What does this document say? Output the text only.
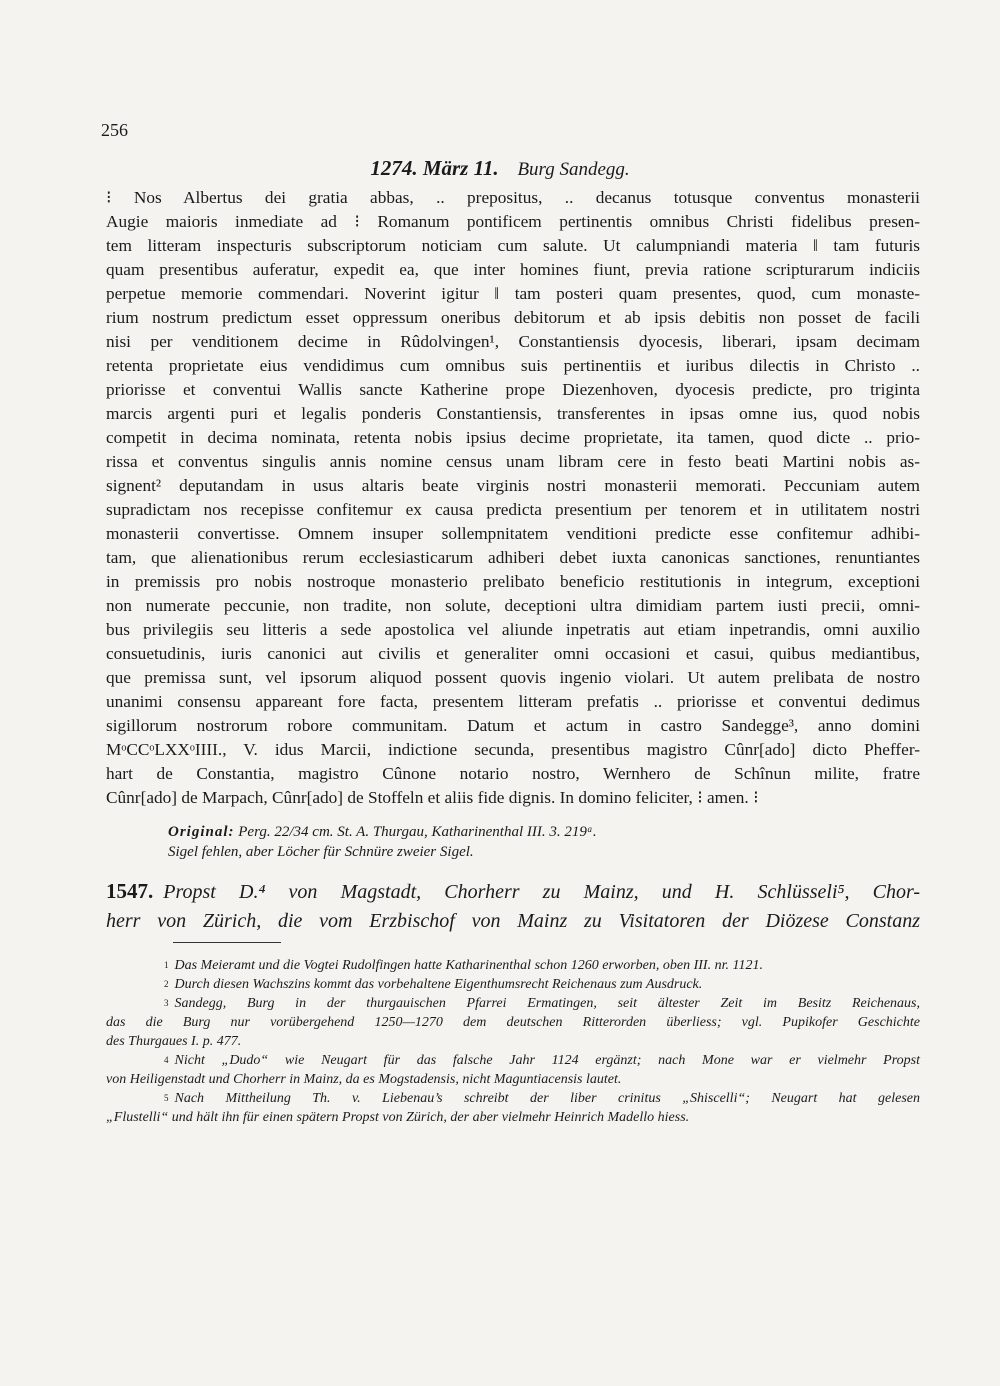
256
1274. März 11. Burg Sandegg.
⁝ Nos Albertus dei gratia abbas, .. prepositus, .. decanus totusque conventus monasterii
Augie maioris inmediate ad ⁝ Romanum pontificem pertinentis omnibus Christi fidelibus presen-
tem litteram inspecturis subscriptorum noticiam cum salute. Ut calumpniandi materia ‖ tam futuris
quam presentibus auferatur, expedit ea, que inter homines fiunt, previa ratione scripturarum indiciis
perpetue memorie commendari. Noverint igitur ‖ tam posteri quam presentes, quod, cum monaste-
rium nostrum predictum esset oppressum oneribus debitorum et ab ipsis debitis non posset de facili
nisi per venditionem decime in Rûdolvingen¹, Constantiensis dyocesis, liberari, ipsam decimam
retenta proprietate eius vendidimus cum omnibus suis pertinentiis et iuribus dilectis in Christo ..
priorisse et conventui Wallis sancte Katherine prope Diezenhoven, dyocesis predicte, pro triginta
marcis argenti puri et legalis ponderis Constantiensis, transferentes in ipsas omne ius, quod nobis
competit in decima nominata, retenta nobis ipsius decime proprietate, ita tamen, quod dicte .. prio-
rissa et conventus singulis annis nomine census unam libram cere in festo beati Martini nobis as-
signent² deputandam in usus altaris beate virginis nostri monasterii memorati. Peccuniam autem
supradictam nos recepisse confitemur ex causa predicta presentium per tenorem et in utilitatem nostri
monasterii convertisse. Omnem insuper sollempnitatem venditioni predicte esse confitemur adhibi-
tam, que alienationibus rerum ecclesiasticarum adhiberi debet iuxta canonicas sanctiones, renuntiantes
in premissis pro nobis nostroque monasterio prelibato beneficio restitutionis in integrum, exceptioni
non numerate peccunie, non tradite, non solute, deceptioni ultra dimidiam partem iusti precii, omni-
bus privilegiis seu litteris a sede apostolica vel aliunde inpetratis aut etiam inpetrandis, omni auxilio
consuetudinis, iuris canonici aut civilis et generaliter omni occasioni et casui, quibus mediantibus,
que premissa sunt, vel ipsorum aliquod possent quovis ingenio violari. Ut autem prelibata de nostro
unanimi consensu appareant fore facta, presentem litteram prefatis .. priorisse et conventui dedimus
sigillorum nostrorum robore communitam. Datum et actum in castro Sandegge³, anno domini
MᵒCCᵒLXXᵒIIII., V. idus Marcii, indictione secunda, presentibus magistro Cûnr[ado] dicto Pheffer-
hart de Constantia, magistro Cûnone notario nostro, Wernhero de Schînun milite, fratre
Cûnr[ado] de Marpach, Cûnr[ado] de Stoffeln et aliis fide dignis. In domino feliciter, ⁝ amen. ⁝
Original: Perg. 22/34 cm. St. A. Thurgau, Katharinenthal III. 3. 219ᵃ.
Sigel fehlen, aber Löcher für Schnüre zweier Sigel.
1547. Propst D.⁴ von Magstadt, Chorherr zu Mainz, und H. Schlüsseli⁵, Chor-
herr von Zürich, die vom Erzbischof von Mainz zu Visitatoren der Diözese Constanz
$^1$ Das Meieramt und die Vogtei Rudolfingen hatte Katharinenthal schon 1260 erworben, oben III. nr. 1121.
$^2$ Durch diesen Wachszins kommt das vorbehaltene Eigenthumsrecht Reichenaus zum Ausdruck.
$^3$ Sandegg, Burg in der thurgauischen Pfarrei Ermatingen, seit ältester Zeit im Besitz Reichenaus,
das die Burg nur vorübergehend 1250—1270 dem deutschen Ritterorden überliess; vgl. Pupikofer Geschichte
des Thurgaues I. p. 477.
$^4$ Nicht „Dudo“ wie Neugart für das falsche Jahr 1124 ergänzt; nach Mone war er vielmehr Propst
von Heiligenstadt und Chorherr in Mainz, da es Mogstadensis, nicht Maguntiacensis lautet.
$^5$ Nach Mittheilung Th. v. Liebenau’s schreibt der liber crinitus „Shiscelli“; Neugart hat gelesen
„Flustelli“ und hält ihn für einen spätern Propst von Zürich, der aber vielmehr Heinrich Madello hiess.
